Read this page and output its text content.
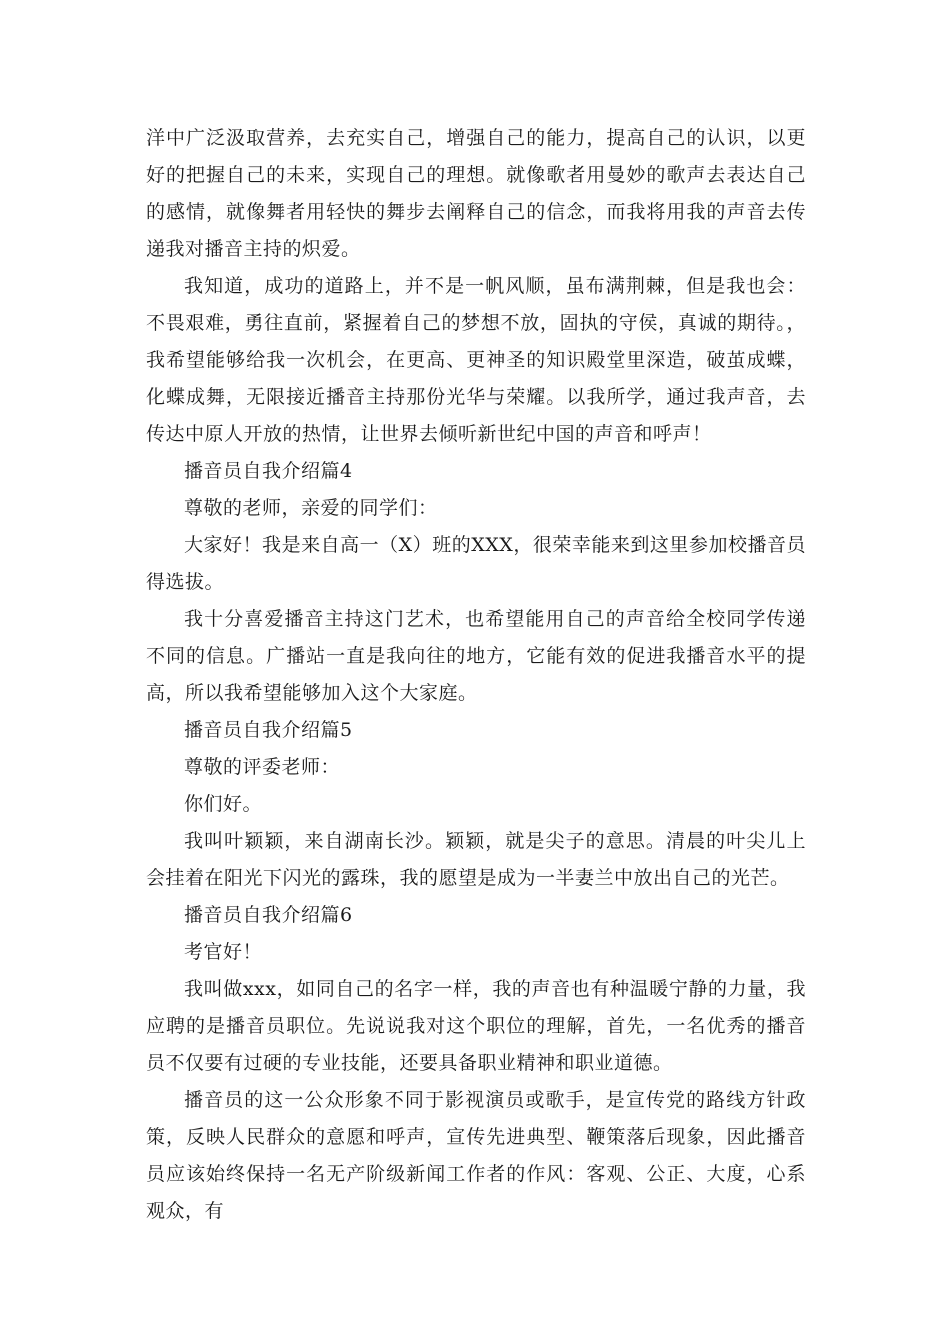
洋中广泛汲取营养，去充实自己，增强自己的能力，提高自己的认识，以更好的把握自己的未来，实现自己的理想。就像歌者用曼妙的歌声去表达自己的感情，就像舞者用轻快的舞步去阐释自己的信念，而我将用我的声音去传递我对播音主持的炽爱。

我知道，成功的道路上，并不是一帆风顺，虽布满荆棘，但是我也会：不畏艰难，勇往直前，紧握着自己的梦想不放，固执的守侯，真诚的期待。，我希望能够给我一次机会，在更高、更神圣的知识殿堂里深造，破茧成蝶，化蝶成舞，无限接近播音主持那份光华与荣耀。以我所学，通过我声音，去传达中原人开放的热情，让世界去倾听新世纪中国的声音和呼声！

播音员自我介绍篇4

尊敬的老师，亲爱的同学们：

大家好！我是来自高一（X）班的XXX，很荣幸能来到这里参加校播音员得选拔。

我十分喜爱播音主持这门艺术，也希望能用自己的声音给全校同学传递不同的信息。广播站一直是我向往的地方，它能有效的促进我播音水平的提高，所以我希望能够加入这个大家庭。

播音员自我介绍篇5

尊敬的评委老师：

你们好。

我叫叶颖颖，来自湖南长沙。颖颖，就是尖子的意思。清晨的叶尖儿上会挂着在阳光下闪光的露珠，我的愿望是成为一半妻兰中放出自己的光芒。

播音员自我介绍篇6

考官好！

我叫做xxx，如同自己的名字一样，我的声音也有种温暖宁静的力量，我应聘的是播音员职位。先说说我对这个职位的理解，首先，一名优秀的播音员不仅要有过硬的专业技能，还要具备职业精神和职业道德。

播音员的这一公众形象不同于影视演员或歌手，是宣传党的路线方针政策，反映人民群众的意愿和呼声，宣传先进典型、鞭策落后现象，因此播音员应该始终保持一名无产阶级新闻工作者的作风：客观、公正、大度，心系观众，有
